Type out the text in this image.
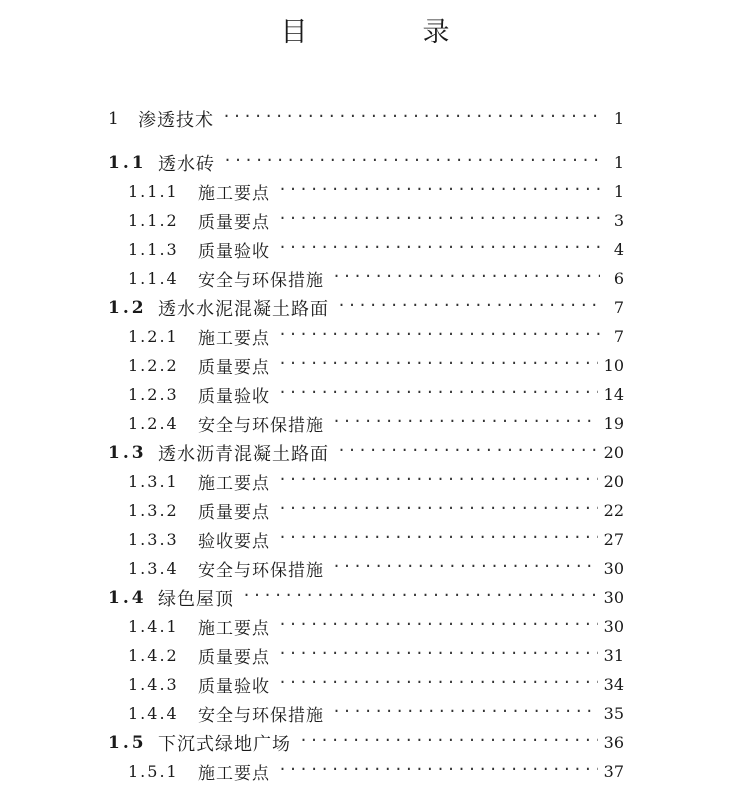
目　录
1	渗透技术 ·····	1
1.1 透水砖 ·····	1
1.1.1	施工要点 ·····	1
1.1.2	质量要点 ·····	3
1.1.3	质量验收 ·····	4
1.1.4	安全与环保措施 ·····	6
1.2 透水水泥混凝土路面 ·····	7
1.2.1	施工要点 ·····	7
1.2.2	质量要点 ·····	10
1.2.3	质量验收 ·····	14
1.2.4	安全与环保措施 ·····	19
1.3 透水沥青混凝土路面 ·····	20
1.3.1	施工要点 ·····	20
1.3.2	质量要点 ·····	22
1.3.3	验收要点 ·····	27
1.3.4	安全与环保措施 ·····	30
1.4 绿色屋顶 ·····	30
1.4.1	施工要点 ·····	30
1.4.2	质量要点 ·····	31
1.4.3	质量验收 ·····	34
1.4.4	安全与环保措施 ·····	35
1.5 下沉式绿地广场 ·····	36
1.5.1	施工要点 ·····	37
